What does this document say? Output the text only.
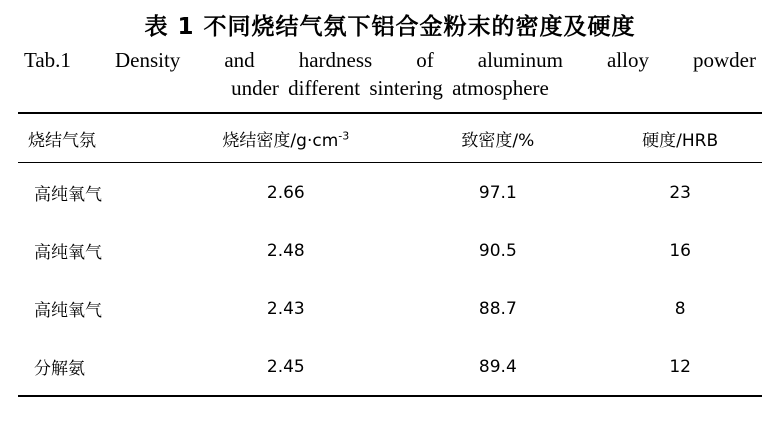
表 1 不同烧结气氛下铝合金粉末的密度及硬度
Tab.1 Density and hardness of aluminum alloy powder
under different sintering atmosphere
烧结气氛	烧结密度$/g\cdot cm^{-3}$	致密度/%	硬度/HRB
高纯氧气	2.66	97.1	23
高纯氧气	2.48	90.5	16
高纯氧气	2.43	88.7	8
分解氨	2.45	89.4	12
